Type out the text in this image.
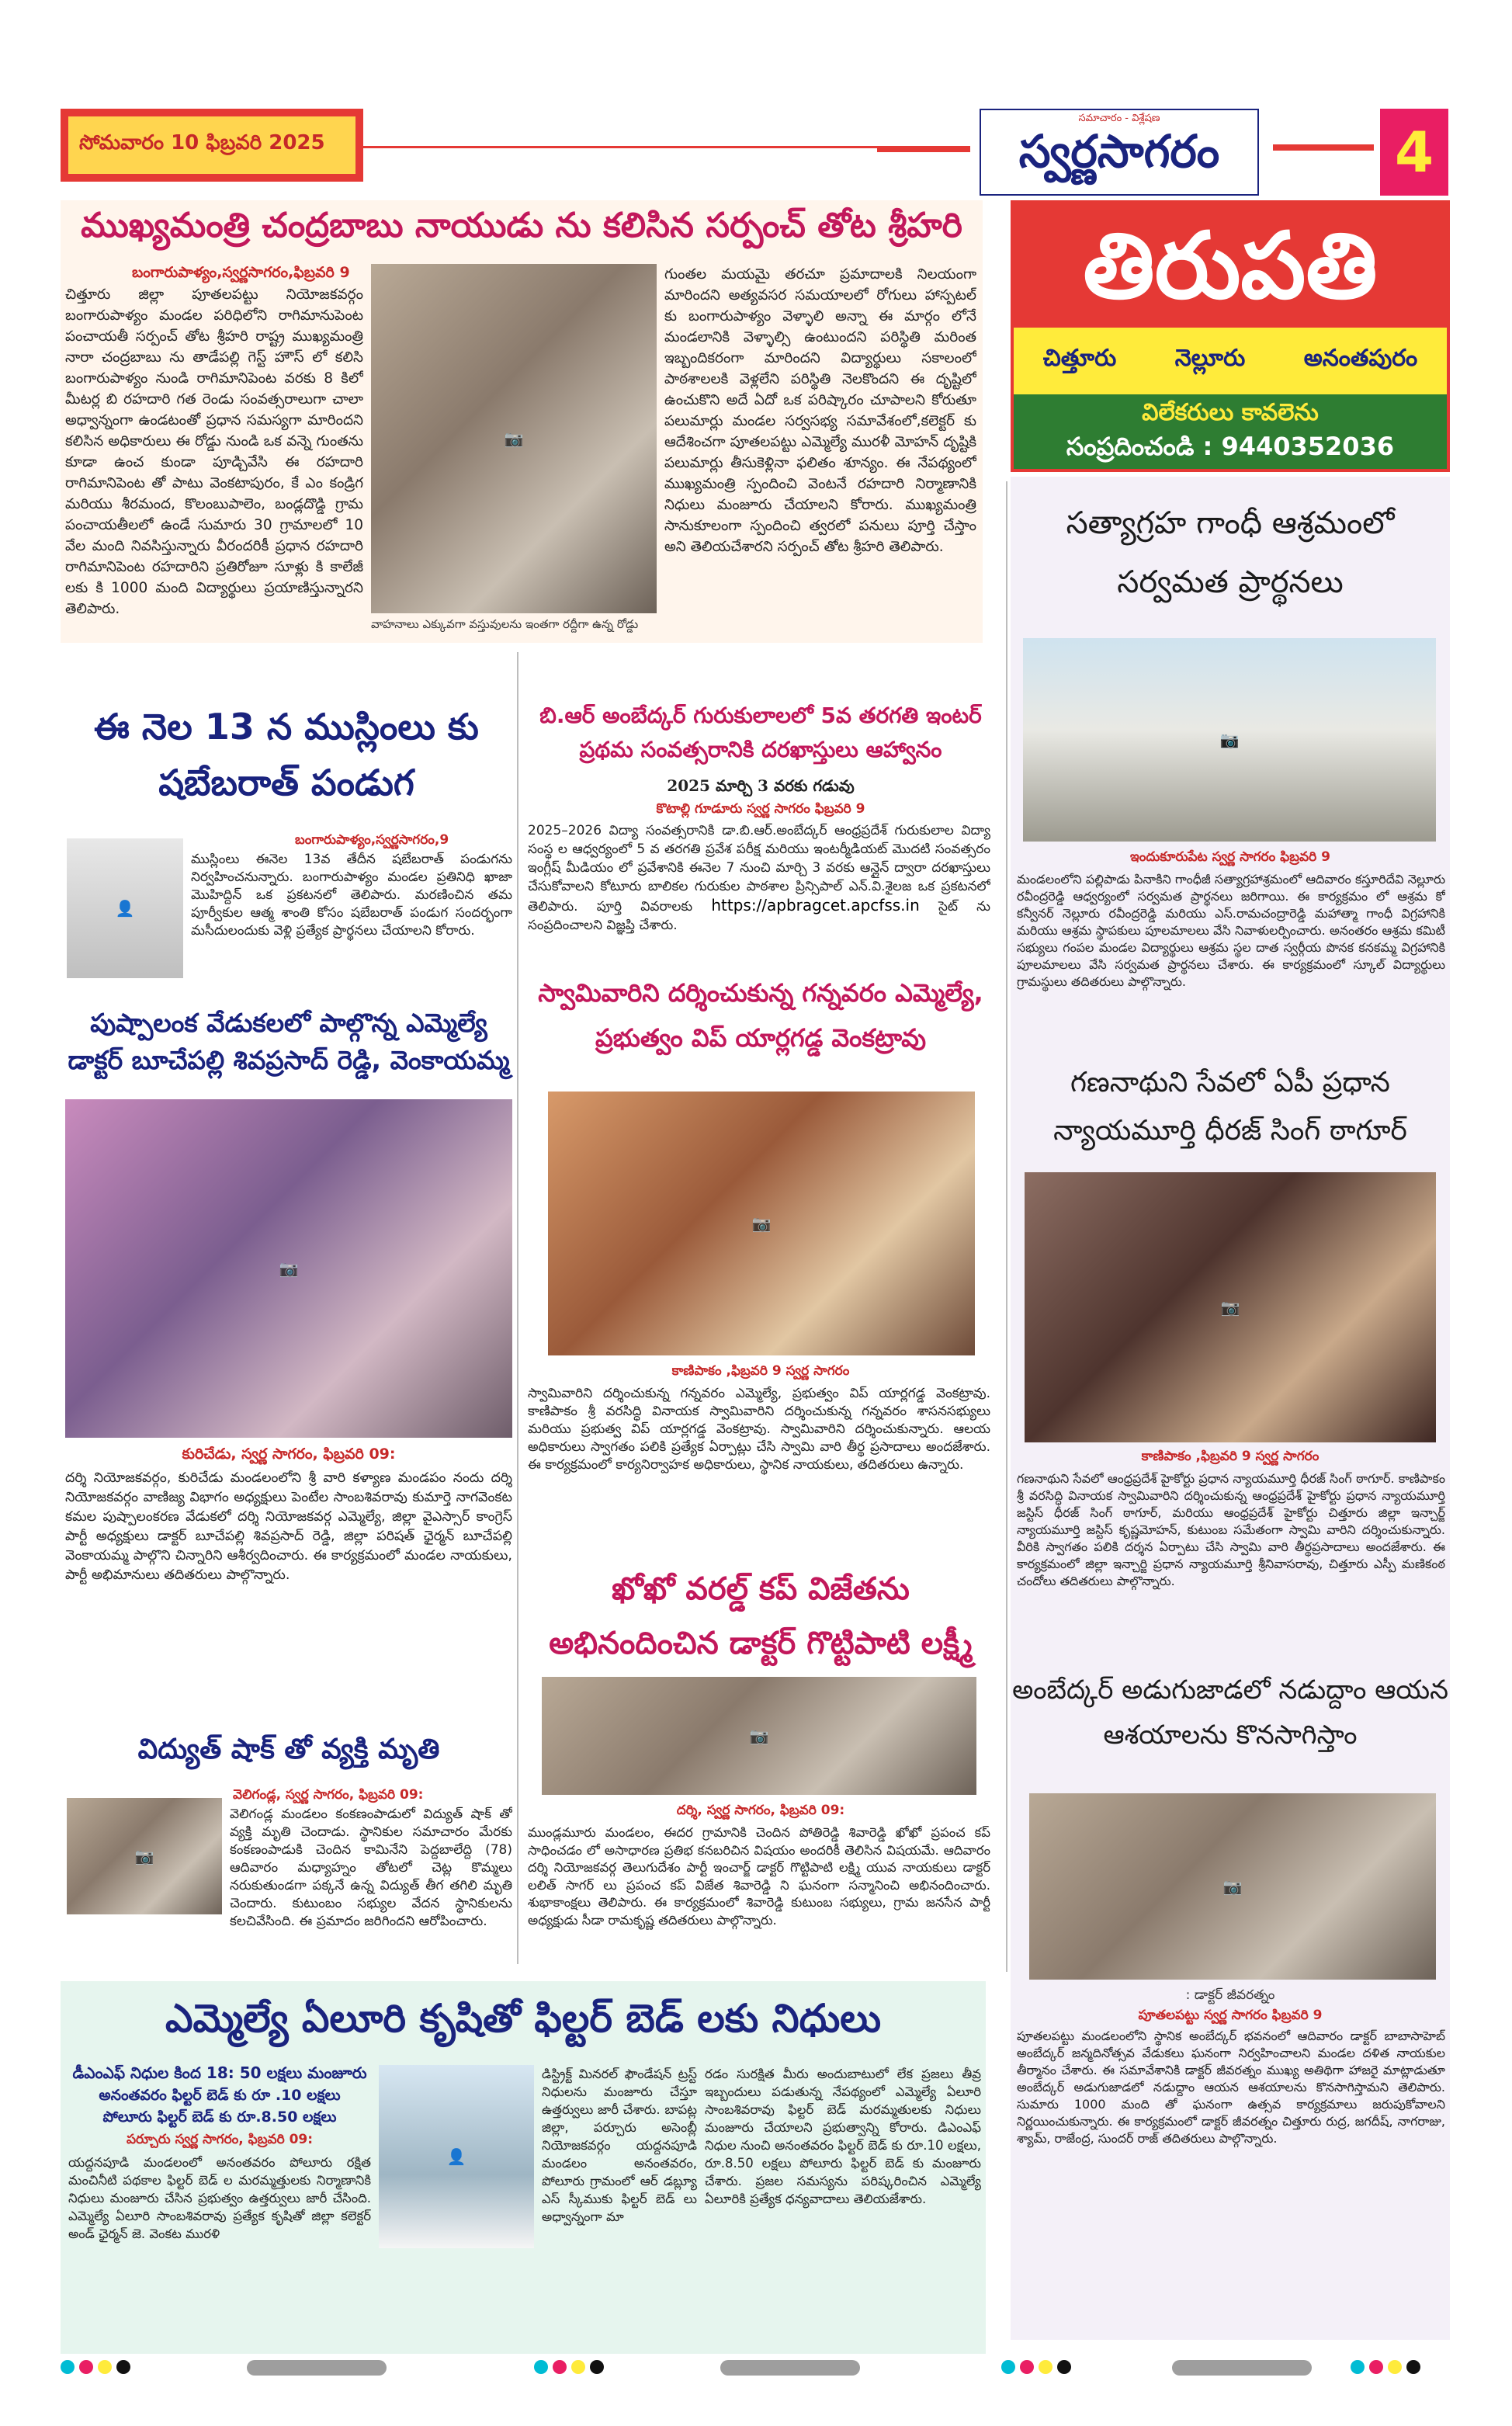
సోమవారం 10 ఫిబ్రవరి 2025
సమాచారం - విశ్లేషణ
స్వర్ణసాగరం	4
తిరుపతి
చిత్తూరు	నెల్లూరు	అనంతపురం
విలేకరులు కావలెను
సంప్రదించండి : 9440352036
ముఖ్యమంత్రి చంద్రబాబు నాయుడు ను కలిసిన సర్పంచ్ తోట శ్రీహరి
బంగారుపాళ్యం,స్వర్ణసాగరం,ఫిబ్రవరి 9
చిత్తూరు జిల్లా పూతలపట్టు నియోజకవర్గం బంగారుపాళ్యం మండల పరిధిలోని రాగిమానుపెంట పంచాయతీ సర్పంచ్ తోట శ్రీహరి రాష్ట్ర ముఖ్యమంత్రి నారా చంద్రబాబు ను తాడేపల్లి గెస్ట్ హౌస్ లో కలిసి బంగారుపాళ్యం నుండి రాగిమానిపెంట వరకు 8 కిలో మీటర్ల బి రహదారి గత రెండు సంవత్సరాలుగా చాలా అధ్వాన్నంగా ఉండటంతో ప్రధాన సమస్యగా మారిందని కలిసిన అధికారులు ఈ రోడ్డు నుండి ఒక వన్నె గుంతను కూడా ఉంచ కుండా పూడ్చివేసి ఈ రహదారి రాగిమానిపెంట తో పాటు వెంకటాపురం, కే ఎం కండ్రిగ మరియు శీరమంద, కొలంబుపాలెం, బండ్లదొడ్డి గ్రామ పంచాయతీలలో ఉండే సుమారు 30 గ్రామాలలో 10 వేల మంది నివసిస్తున్నారు వీరందరికీ ప్రధాన రహదారి రాగిమానిపెంట రహదారిని ప్రతిరోజూ సూళ్లు కి కాలేజీ లకు కి 1000 మంది విద్యార్థులు ప్రయాణిస్తున్నారని తెలిపారు.
📷
వాహనాలు ఎక్కువగా వస్తువులను ఇంతగా రద్దీగా ఉన్న రోడ్డు
గుంతల మయమై తరచూ ప్రమాదాలకి నిలయంగా మారిందని అత్యవసర సమయాలలో రోగులు హాస్పటల్ కు బంగారుపాళ్యం వెళ్ళాలి అన్నా ఈ మార్గం లోనే మండలానికి వెళ్ళాల్సి ఉంటుందని పరిస్థితి మరింత ఇబ్బందికరంగా మారిందని విద్యార్థులు సకాలంలో పాఠశాలలకి వెళ్లలేని పరిస్థితి నెలకొందని ఈ దృష్టిలో ఉంచుకొని అదే ఏదో ఒక పరిష్కారం చూపాలని కోరుతూ పలుమార్లు మండల సర్వసభ్య సమావేశంలో,కలెక్టర్ కు ఆదేశించగా పూతలపట్టు ఎమ్మెల్యే మురళీ మోహన్ దృష్టికి పలుమార్లు తీసుకెళ్లినా ఫలితం శూన్యం. ఈ నేపథ్యంలో ముఖ్యమంత్రి స్పందించి వెంటనే రహదారి నిర్మాణానికి నిధులు మంజూరు చేయాలని కోరారు. ముఖ్యమంత్రి సానుకూలంగా స్పందించి త్వరలో పనులు పూర్తి చేస్తాం అని తెలియచేశారని సర్పంచ్ తోట శ్రీహరి తెలిపారు.
ఈ నెల 13 న ముస్లింలు కు షబేబరాత్ పండుగ
👤
బంగారుపాళ్యం,స్వర్ణసాగరం,9
ముస్లింలు ఈనెల 13వ తేదీన షబేబరాత్ పండుగను నిర్వహించనున్నారు. బంగారుపాళ్యం మండల ప్రతినిధి ఖాజా మొహిద్దిన్ ఒక ప్రకటనలో తెలిపారు. మరణించిన తమ పూర్వీకుల ఆత్మ శాంతి కోసం షబేబరాత్ పండుగ సందర్భంగా మసీదులందుకు వెళ్లి ప్రత్యేక ప్రార్థనలు చేయాలని కోరారు.
పుష్పాలంక వేడుకలలో పాల్గొన్న ఎమ్మెల్యే డాక్టర్ బూచేపల్లి శివప్రసాద్ రెడ్డి, వెంకాయమ్మ
📷
కురిచేడు, స్వర్ణ సాగరం, ఫిబ్రవరి 09:
దర్శి నియోజకవర్గం, కురిచేడు మండలంలోని శ్రీ వారి కళ్యాణ మండపం నందు దర్శి నియోజకవర్గం వాణిజ్య విభాగం అధ్యక్షులు పెంటేల సాంబశివరావు కుమార్తె నాగవెంకట కమల పుష్పాలంకరణ వేడుకలో దర్శి నియోజకవర్గ ఎమ్మెల్యే, జిల్లా వైఎస్సార్ కాంగ్రెస్ పార్టీ అధ్యక్షులు డాక్టర్ బూచేపల్లి శివప్రసాద్ రెడ్డి, జిల్లా పరిషత్ ఛైర్మన్ బూచేపల్లి వెంకాయమ్మ పాల్గొని చిన్నారిని ఆశీర్వదించారు. ఈ కార్యక్రమంలో మండల నాయకులు, పార్టీ అభిమానులు తదితరులు పాల్గొన్నారు.
విద్యుత్ షాక్ తో వ్యక్తి మృతి
📷
వెలిగండ్ల, స్వర్ణ సాగరం, ఫిబ్రవరి 09:
వెలిగండ్ల మండలం కంకణంపాడులో విద్యుత్ షాక్ తో వ్యక్తి మృతి చెందాడు. స్థానికుల సమాచారం మేరకు కంకణంపాడుకి చెందిన కామినేని పెద్దబాలేద్ది (78) ఆదివారం మధ్యాహ్నం తోటలో చెట్ల కొమ్మలు నరుకుతుండగా పక్కనే ఉన్న విద్యుత్ తీగ తగిలి మృతి చెందారు. కుటుంబం సభ్యుల వేదన స్థానికులను కలచివేసింది. ఈ ప్రమాదం జరిగిందని ఆరోపించారు.
బి.ఆర్ అంబేద్కర్ గురుకులాలలో 5వ తరగతి ఇంటర్ ప్రథమ సంవత్సరానికి దరఖాస్తులు ఆహ్వానం
2025 మార్చి 3 వరకు గడువు
కొటాల్లి గూడూరు స్వర్ణ సాగరం ఫిబ్రవరి 9
2025–2026 విద్యా సంవత్సరానికి డా.బి.ఆర్.అంబేద్కర్ ఆంధ్రప్రదేశ్ గురుకులాల విద్యా సంస్థ ల ఆధ్వర్యంలో 5 వ తరగతి ప్రవేశ పరీక్ష మరియు ఇంటర్మీడియట్ మొదటి సంవత్సరం ఇంగ్లీష్ మీడియం లో ప్రవేశానికి ఈనెల 7 నుంచి మార్చి 3 వరకు ఆన్లైన్ ద్వారా దరఖాస్తులు చేసుకోవాలని కోటూరు బాలికల గురుకుల పాఠశాల ప్రిన్సిపాల్ ఎన్.వి.శైలజ ఒక ప్రకటనలో తెలిపారు. పూర్తి వివరాలకు https://apbragcet.apcfss.in సైట్ ను సంప్రదించాలని విజ్ఞప్తి చేశారు.
స్వామివారిని దర్శించుకున్న గన్నవరం ఎమ్మెల్యే, ప్రభుత్వం విప్ యార్లగడ్డ వెంకట్రావు
📷
కాణిపాకం ,ఫిబ్రవరి 9 స్వర్ణ సాగరం
స్వామివారిని దర్శించుకున్న గన్నవరం ఎమ్మెల్యే, ప్రభుత్వం విప్ యార్లగడ్డ వెంకట్రావు. కాణిపాకం శ్రీ వరసిద్ధి వినాయక స్వామివారిని దర్శించుకున్న గన్నవరం శాసనసభ్యులు మరియు ప్రభుత్వ విప్ యార్లగడ్డ వెంకట్రావు. స్వామివారిని దర్శించుకున్నారు. ఆలయ అధికారులు స్వాగతం పలికి ప్రత్యేక ఏర్పాట్లు చేసి స్వామి వారి తీర్థ ప్రసాదాలు అందజేశారు. ఈ కార్యక్రమంలో కార్యనిర్వాహక అధికారులు, స్థానిక నాయకులు, తదితరులు ఉన్నారు.
ఖోఖో వరల్డ్ కప్ విజేతను అభినందించిన డాక్టర్ గొట్టిపాటి లక్ష్మీ
📷
దర్శి, స్వర్ణ సాగరం, ఫిబ్రవరి 09:
ముండ్లమూరు మండలం, ఈదర గ్రామానికి చెందిన పోతిరెడ్డి శివారెడ్డి ఖోఖో ప్రపంచ కప్ సాధించడం లో అసాధారణ ప్రతిభ కనబరిచిన విషయం అందరికీ తెలిసిన విషయమే. ఆదివారం దర్శి నియోజకవర్గ తెలుగుదేశం పార్టీ ఇంచార్జ్ డాక్టర్ గొట్టిపాటి లక్ష్మి యువ నాయకులు డాక్టర్ లలిత్ సాగర్ లు ప్రపంచ కప్ విజేత శివారెడ్డి ని ఘనంగా సన్మానించి అభినందించారు. శుభాకాంక్షలు తెలిపారు. ఈ కార్యక్రమంలో శివారెడ్డి కుటుంబ సభ్యులు, గ్రామ జనసేన పార్టీ అధ్యక్షుడు సీడా రామకృష్ణ తదితరులు పాల్గొన్నారు.
సత్యాగ్రహ గాంధీ ఆశ్రమంలో సర్వమత ప్రార్థనలు
📷
ఇందుకూరుపేట స్వర్ణ సాగరం ఫిబ్రవరి 9
మండలంలోని పల్లిపాడు పినాకిని గాంధీజీ సత్యాగ్రహాశ్రమంలో ఆదివారం కస్తూరిదేవి నెల్లూరు రవీంద్రరెడ్డి ఆధ్వర్యంలో సర్వమత ప్రార్థనలు జరిగాయి. ఈ కార్యక్రమం లో ఆశ్రమ కో కన్వీనర్ నెల్లూరు రవీంద్రరెడ్డి మరియు ఎస్.రామచంద్రారెడ్డి మహాత్మా గాంధీ విగ్రహానికి మరియు ఆశ్రమ స్థాపకులు పూలమాలలు వేసి నివాళులర్పించారు. అనంతరం ఆశ్రమ కమిటీ సభ్యులు గంపల మండల విద్యార్థులు ఆశ్రమ స్థల దాత స్వర్గీయ పొనక కనకమ్మ విగ్రహానికి పూలమాలలు వేసి సర్వమత ప్రార్థనలు చేశారు. ఈ కార్యక్రమంలో స్కూల్ విద్యార్థులు గ్రామస్థులు తదితరులు పాల్గొన్నారు.
గణనాథుని సేవలో ఏపీ ప్రధాన న్యాయమూర్తి ధీరజ్ సింగ్ ఠాగూర్
📷
కాణిపాకం ,ఫిబ్రవరి 9 స్వర్ణ సాగరం
గణనాథుని సేవలో ఆంధ్రప్రదేశ్ హైకోర్టు ప్రధాన న్యాయమూర్తి ధీరజ్ సింగ్ ఠాగూర్. కాణిపాకం శ్రీ వరసిద్ధి వినాయక స్వామివారిని దర్శించుకున్న ఆంధ్రప్రదేశ్ హైకోర్టు ప్రధాన న్యాయమూర్తి జస్టిస్ ధీరజ్ సింగ్ ఠాగూర్, మరియు ఆంధ్రప్రదేశ్ హైకోర్టు చిత్తూరు జిల్లా ఇన్చార్జ్ న్యాయమూర్తి జస్టిస్ కృష్ణమోహన్, కుటుంబ సమేతంగా స్వామి వారిని దర్శించుకున్నారు. వీరికి స్వాగతం పలికి దర్శన ఏర్పాటు చేసి స్వామి వారి తీర్థప్రసాదాలు అందజేశారు. ఈ కార్యక్రమంలో జిల్లా ఇన్చార్జి ప్రధాన న్యాయమూర్తి శ్రీనివాసరావు, చిత్తూరు ఎస్పీ మణికంఠ చందోలు తదితరులు పాల్గొన్నారు.
అంబేద్కర్ అడుగుజాడలో నడుద్దాం ఆయన ఆశయాలను కొనసాగిస్తాం
📷
: డాక్టర్ జీవరత్నం
పూతలపట్టు స్వర్ణ సాగరం ఫిబ్రవరి 9
పూతలపట్టు మండలంలోని స్థానిక అంబేద్కర్ భవనంలో ఆదివారం డాక్టర్ బాబాసాహెబ్ అంబేద్కర్ జన్మదినోత్సవ వేడుకలు ఘనంగా నిర్వహించాలని మండల దళిత నాయకుల తీర్మానం చేశారు. ఈ సమావేశానికి డాక్టర్ జీవరత్నం ముఖ్య అతిథిగా హాజరై మాట్లాడుతూ అంబేద్కర్ అడుగుజాడలో నడుద్దాం ఆయన ఆశయాలను కొనసాగిస్తామని తెలిపారు. సుమారు 1000 మంది తో ఘనంగా ఉత్సవ కార్యక్రమాలు జరుపుకోవాలని నిర్ణయించుకున్నారు. ఈ కార్యక్రమంలో డాక్టర్ జీవరత్నం చిత్తూరు రుద్ర, జగదీష్, నాగరాజు, శ్యామ్, రాజేంద్ర, సుందర్ రాజ్ తదితరులు పాల్గొన్నారు.
ఎమ్మెల్యే ఏలూరి కృషితో ఫిల్టర్ బెడ్ లకు నిధులు
డీఎంఎఫ్ నిధుల కింద 18: 50 లక్షలు మంజూరు
అనంతవరం ఫిల్టర్ బెడ్ కు రూ .10 లక్షలు
పోలూరు ఫిల్టర్ బెడ్ కు రూ.8.50 లక్షలు
పర్చూరు స్వర్ణ సాగరం, ఫిబ్రవరి 09:
యద్దనపూడి మండలంలో అనంతవరం పోలూరు రక్షిత మంచినీటి పథకాల ఫిల్టర్ బెడ్ ల మరమ్మత్తులకు నిర్మాణానికి నిధులు మంజూరు చేసిన ప్రభుత్వం ఉత్తర్వులు జారీ చేసింది. ఎమ్మెల్యే ఏలూరి సాంబశివరావు ప్రత్యేక కృషితో జిల్లా కలెక్టర్ అండ్ ఛైర్మన్ జె. వెంకట మురళి
👤
డిస్ట్రిక్ట్ మినరల్ ఫౌండేషన్ ట్రస్ట్ నిధులను మంజూరు చేస్తూ ఉత్తర్వులు జారీ చేశారు. బాపట్ల జిల్లా, పర్చూరు అసెంబ్లీ నియోజకవర్గం యద్దనపూడి మండలం అనంతవరం, పోలూరు గ్రామంలో ఆర్ డబ్ల్యూ ఎస్ స్కీముకు ఫిల్టర్ బెడ్ లు అధ్వాన్నంగా మా
రడం సురక్షిత మీరు అందుబాటులో లేక ప్రజలు తీవ్ర ఇబ్బందులు పడుతున్న నేపథ్యంలో ఎమ్మెల్యే ఏలూరి సాంబశివరావు ఫిల్టర్ బెడ్ మరమ్మతులకు నిధులు మంజూరు చేయాలని ప్రభుత్వాన్ని కోరారు. డిఎంఎఫ్ నిధుల నుంచి అనంతవరం ఫిల్టర్ బెడ్ కు రూ.10 లక్షలు, రూ.8.50 లక్షలు పోలూరు ఫిల్టర్ బెడ్ కు మంజూరు చేశారు. ప్రజల సమస్యను పరిష్కరించిన ఎమ్మెల్యే ఏలూరికి ప్రత్యేక ధన్యవాదాలు తెలియజేశారు.
